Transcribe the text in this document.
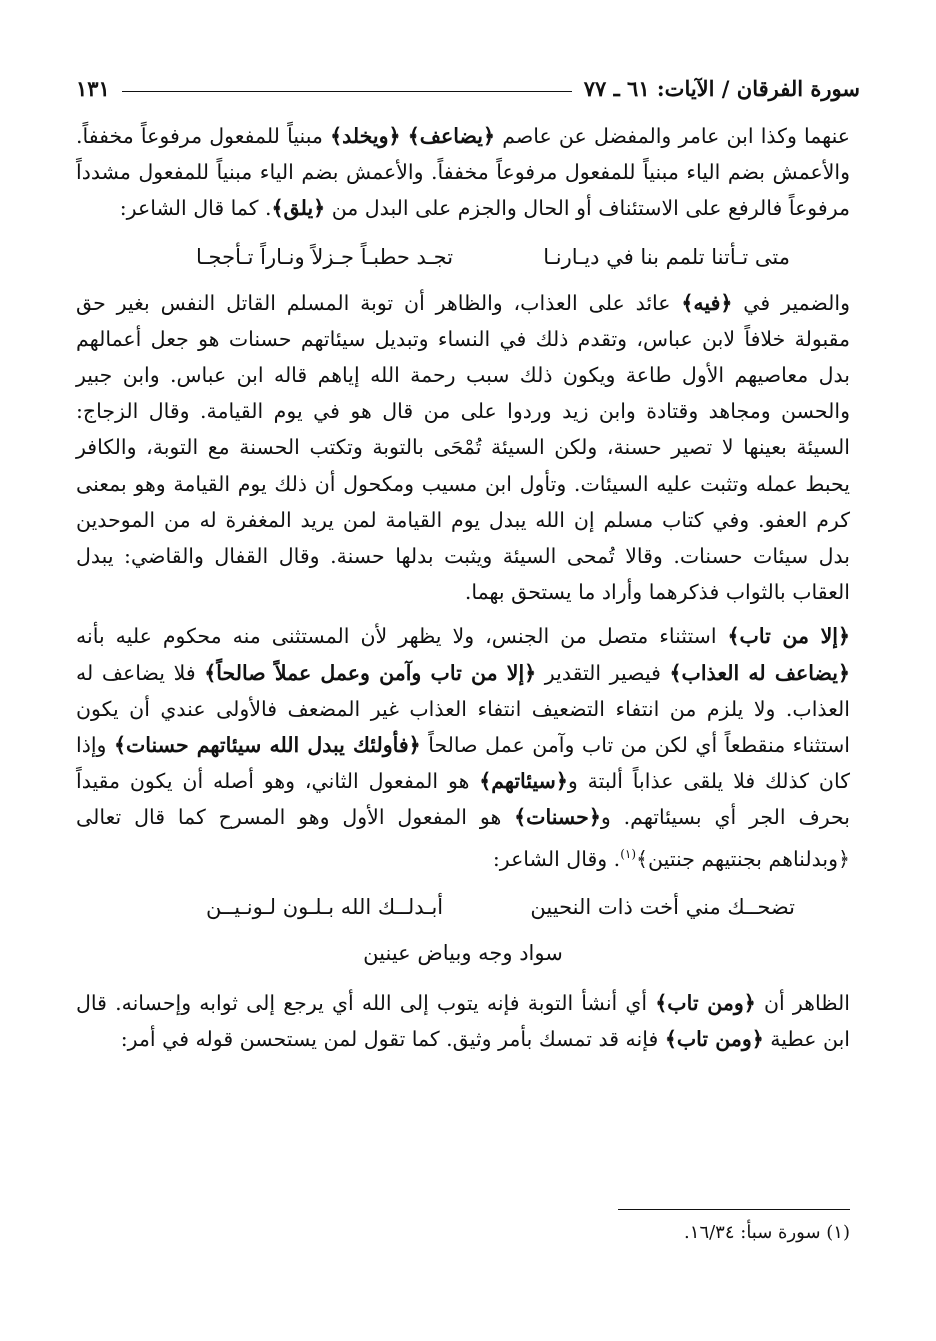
سورة الفرقان / الآيات: ٦١ ـ ٧٧
١٣١

عنهما وكذا ابن عامر والمفضل عن عاصم ﴿يضاعف﴾ ﴿ويخلد﴾ مبنياً للمفعول مرفوعاً مخففاً. والأعمش بضم الياء مبنياً للمفعول مرفوعاً مخففاً. والأعمش بضم الياء مبنياً للمفعول مشدداً مرفوعاً فالرفع على الاستئناف أو الحال والجزم على البدل من ﴿يلق﴾. كما قال الشاعر:

متى تـأتنا تلمم بنا في ديـارنـا
تجـد حطبـاً جـزلاً ونـاراً تـأججـا

والضمير في ﴿فيه﴾ عائد على العذاب، والظاهر أن توبة المسلم القاتل النفس بغير حق مقبولة خلافاً لابن عباس، وتقدم ذلك في النساء وتبديل سيئاتهم حسنات هو جعل أعمالهم بدل معاصيهم الأول طاعة ويكون ذلك سبب رحمة الله إياهم قاله ابن عباس. وابن جبير والحسن ومجاهد وقتادة وابن زيد وردوا على من قال هو في يوم القيامة. وقال الزجاج: السيئة بعينها لا تصير حسنة، ولكن السيئة تُمْحَى بالتوبة وتكتب الحسنة مع التوبة، والكافر يحبط عمله وتثبت عليه السيئات. وتأول ابن مسيب ومكحول أن ذلك يوم القيامة وهو بمعنى كرم العفو. وفي كتاب مسلم إن الله يبدل يوم القيامة لمن يريد المغفرة له من الموحدين بدل سيئات حسنات. وقالا تُمحى السيئة ويثبت بدلها حسنة. وقال القفال والقاضي: يبدل العقاب بالثواب فذكرهما وأراد ما يستحق بهما.

﴿إلا من تاب﴾ استثناء متصل من الجنس، ولا يظهر لأن المستثنى منه محكوم عليه بأنه ﴿يضاعف له العذاب﴾ فيصير التقدير ﴿إلا من تاب وآمن وعمل عملاً صالحاً﴾ فلا يضاعف له العذاب. ولا يلزم من انتفاء التضعيف انتفاء العذاب غير المضعف فالأولى عندي أن يكون استثناء منقطعاً أي لكن من تاب وآمن عمل صالحاً ﴿فأولئك يبدل الله سيئاتهم حسنات﴾ وإذا كان كذلك فلا يلقى عذاباً ألبتة و﴿سيئاتهم﴾ هو المفعول الثاني، وهو أصله أن يكون مقيداً بحرف الجر أي بسيئاتهم. و﴿حسنات﴾ هو المفعول الأول وهو المسرح كما قال تعالى ﴿وبدلناهم بجنتيهم جنتين﴾$^{(١)}$. وقال الشاعر:

تضحــك مني أخت ذات النحيين
أبـدلــك الله بـلـون لـونـيــن
سواد وجه وبياض عينين

الظاهر أن ﴿ومن تاب﴾ أي أنشأ التوبة فإنه يتوب إلى الله أي يرجع إلى ثوابه وإحسانه. قال ابن عطية ﴿ومن تاب﴾ فإنه قد تمسك بأمر وثيق. كما تقول لمن يستحسن قوله في أمر:

(١) سورة سبأ: ١٦/٣٤.
